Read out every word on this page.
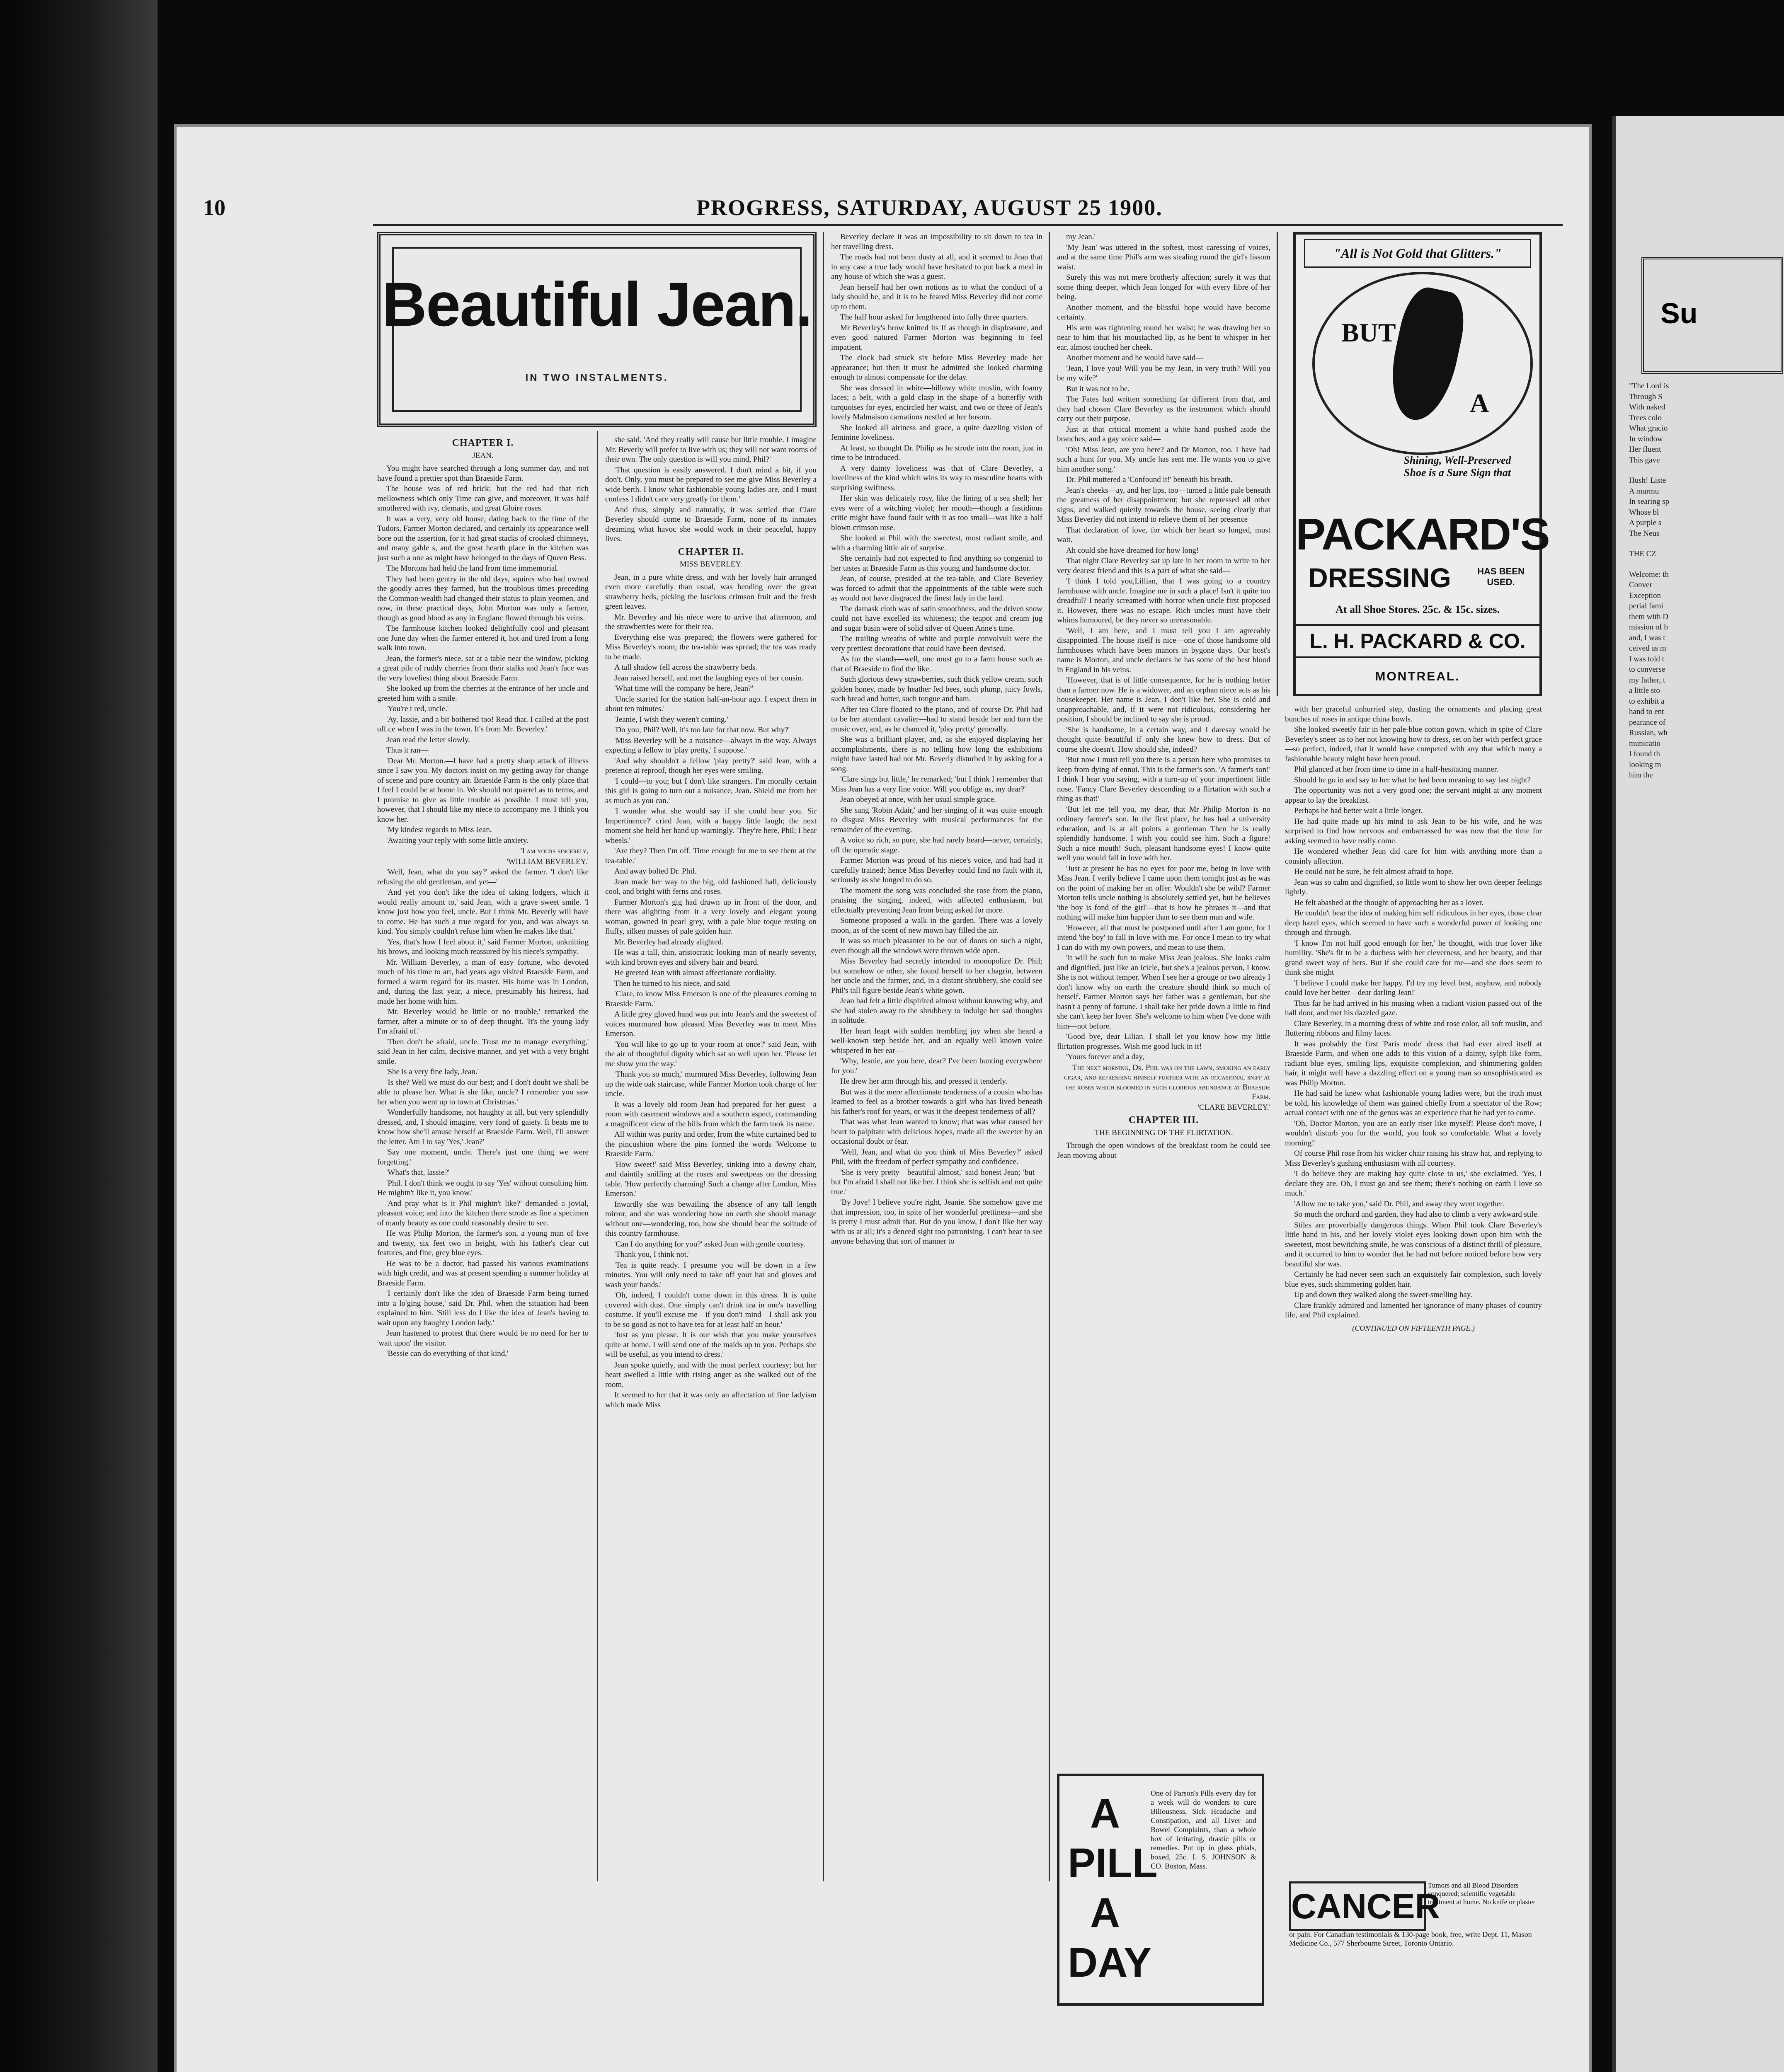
10	PROGRESS, SATURDAY, AUGUST 25 1900.
Beautiful Jean.
IN TWO INSTALMENTS.

CHAPTER I.

JEAN.

You might have searched through a long summer day, and not have found a prettier spot than Braeside Farm.

The house was of red brick; but the red had that rich mellowness which only Time can give, and moreover, it was half smothered with ivy, clematis, and great Gloire roses.

It was a very, very old house, dating back to the time of the Tudors, Farmer Morton declared, and certainly its appearance well bore out the assertion, for it had great stacks of crooked chimneys, and many gable s, and the great hearth place in the kitchen was just such a one as might have belonged to the days of Queen Bess.

The Mortons had held the land from time immemorial.

They had been gentry in the old days, squires who had owned the goodly acres they farmed, but the troublous times preceding the Common-wealth had changed their status to plain yeomen, and now, in these practical days, John Morton was only a farmer, though as good blood as any in Englanc flowed through his veins.

The farmhouse kitchen looked delightfully cool and pleasant one June day when the farmer entered it, hot and tired from a long walk into town.

Jean, the farmer's niece, sat at a table near the window, picking a great pile of ruddy cherries from their stalks and Jean's face was the very loveliest thing about Braeside Farm.

She looked up from the cherries at the entrance of her uncle and greeted him with a smile.

'You're t red, uncle.'

'Ay, lassie, and a bit bothered too! Read that. I called at the post off.ce when I was in the town. It's from Mr. Beverley.'

Jean read the letter slowly.

Thus it ran—

'Dear Mr. Morton.—I have had a pretty sharp attack of illness since I saw you. My doctors insist on my getting away for change of scene and pure country air. Braeside Farm is the only place that I feel I could be at home in. We should not quarrel as to terms, and I promise to give as little trouble as possible. I must tell you, however, that I should like my niece to accompany me. I think you know her.

'My kindest regards to Miss Jean.

'Awaiting your reply with some little anxiety.

'I am yours sincerely,

'WILLIAM BEVERLEY.'

'Well, Jean, what do you say?' asked the farmer. 'I don't like refusing the old gentleman, and yet—'

'And yet you don't like the idea of taking lodgers, which it would really amount to,' said Jean, with a grave sweet smile. 'I know just how you feel, uncle. But I think Mr. Beverly will have to come. He has such a true regard for you, and was always so kind. You simply couldn't refuse him when he makes like that.'

'Yes, that's how I feel about it,' said Farmer Morton, unknitting his brows, and looking much reassured by his niece's sympathy.

Mr. William Beverley, a man of easy fortune, who devoted much of his time to art, had years ago visited Braeside Farm, and formed a warm regard for its master. His home was in London, and, during the last year, a niece, presumably his heiress, had made her home with him.

'Mr. Beverley would be little or no trouble,' remarked the farmer, after a minute or so of deep thought. 'It's the young lady I'm afraid of.'

'Then don't be afraid, uncle. Trust me to manage everything,' said Jean in her calm, decisive manner, and yet with a very bright smile.

'She is a very fine lady, Jean.'

'Is she? Well we must do our best; and I don't doubt we shall be able to please her. What is she like, uncle? I remember you saw her when you went up to town at Christmas.'

'Wonderfully handsome, not haughty at all, but very splendidly dressed, and, I should imagine, very fond of gaiety. It beats me to know how she'll amuse herself at Braeside Farm. Well, I'll answer the letter. Am I to say 'Yes,' Jean?'

'Say one moment, uncle. There's just one thing we were forgetting.'

'What's that, lassie?'

'Phil. I don't think we ought to say 'Yes' without consulting him. He mightn't like it, you know.'

'And pray what is it Phil mightn't like?' demanded a jovial, pleasant voice; and into the kitchen there strode as fine a specimen of manly beauty as one could reasonably desire to see.

He was Philip Morton, the farmer's son, a young man of five and twenty, six feet two in height, with his father's clear cut features, and fine, grey blue eyes.

He was to be a doctor, had passed his various examinations with high credit, and was at present spending a summer holiday at Braeside Farm.

'I certainly don't like the idea of Braeside Farm being turned into a lo'ging house,' said Dr. Phil. when the situation had been explained to him. 'Still less do I like the idea of Jean's having to wait upon any haughty London lady.'

Jean hastened to protest that there would be no need for her to 'wait upon' the visitor.

'Bessie can do everything of that kind,'

she said. 'And they really will cause but little trouble. I imagine Mr. Beverly will prefer to live with us; they will not want rooms of their own. The only question is will you mind, Phil?'

'That question is easily answered. I don't mind a bit, if you don't. Only, you must be prepared to see me give Miss Beverley a wide berth. I know what fashionable young ladies are, and I must confess I didn't care very greatly for them.'

And thus, simply and naturally, it was settled that Clare Beverley should come to Braeside Farm, none of its inmates dreaming what havoc she would work in their peaceful, happy lives.

CHAPTER II.

MISS BEVERLEY.

Jean, in a pure white dress, and with her lovely hair arranged even more carefully than usual, was bending over the great strawberry beds, picking the luscious crimson fruit and the fresh green leaves.

Mr. Beverley and his niece were to arrive that afternoon, and the strawberries were for their tea.

Everything else was prepared; the flowers were gathered for Miss Beverley's room; the tea-table was spread; the tea was ready to be made.

A tall shadow fell across the strawberry beds.

Jean raised herself, and met the laughing eyes of her cousin.

'What time will the company be here, Jean?'

'Uncle started for the station half-an-hour ago. I expect them in about ten minutes.'

'Jeanie, I wish they weren't coming.'

'Do you, Phil? Well, it's too late for that now. But why?'

'Miss Beverley will be a nuisance—always in the way. Always expecting a fellow to 'play pretty,' I suppose.'

'And why shouldn't a fellow 'play pretty?' said Jean, with a pretence at reproof, though her eyes were smiling.

'I could—to you; but I don't like strangers. I'm morally certain this girl is going to turn out a nuisance, Jean. Shield me from her as much as you can.'

'I wonder what she would say if she could hear you. Sir Impertinence?' cried Jean, with a happy little laugh; the next moment she held her hand up warningly. 'They're here, Phil; I hear wheels.'

'Are they? Then I'm off. Time enough for me to see them at the tea-table.'

And away bolted Dr. Phil.

Jean made her way to the big, old fashioned hall, deliciously cool, and bright with ferns and roses.

Farmer Morton's gig had drawn up in front of the door, and there was alighting from it a very lovely and elegant young woman, gowned in pearl grey, with a pale blue toque resting on fluffy, silken masses of pale golden hair.

Mr. Beverley had already alighted.

He was a tall, thin, aristocratic looking man of nearly seventy, with kind brown eyes and silvery hair and beard.

He greeted Jean with almost affectionate cordiality.

Then he turned to his niece, and said—

'Clare, to know Miss Emerson is one of the pleasures coming to Braeside Farm.'

A little grey gloved hand was put into Jean's and the sweetest of voices murmured how pleased Miss Beverley was to meet Miss Emerson.

'You will like to go up to your room at once?' said Jean, with the air of thoughtful dignity which sat so well upon her. 'Please let me show you the way.'

'Thank you so much,' murmured Miss Beverley, following Jean up the wide oak staircase, while Farmer Morton took charge of her uncle.

It was a lovely old room Jean had prepared for her guest—a room with casement windows and a southern aspect, commanding a magnificent view of the hills from which the farm took its name.

All within was purity and order, from the white curtained bed to the pincushion where the pins formed the words 'Welcome to Braeside Farm.'

'How sweet!' said Miss Beverley, sinking into a downy chair, and daintily sniffing at the roses and sweetpeas on the dressing table. 'How perfectly charming! Such a change after London, Miss Emerson.'

Inwardly she was bewailing the absence of any tall length mirror, and she was wondering how on earth she should manage without one—wondering, too, how she should bear the solitude of this country farmhouse.

'Can I do anything for you?' asked Jean with gentle courtesy.

'Thank you, I think not.'

'Tea is quite ready. I presume you will be down in a few minutes. You will only need to take off your hat and gloves and wash your hands.'

'Oh, indeed, I couldn't come down in this dress. It is quite covered with dust. One simply can't drink tea in one's travelling costume. If you'll excuse me—if you don't mind—I shall ask you to be so good as not to have tea for at least half an hour.'

'Just as you please. It is our wish that you make yourselves quite at home. I will send one of the maids up to you. Perhaps she will be useful, as you intend to dress.'

Jean spoke quietly, and with the most perfect courtesy; but her heart swelled a little with rising anger as she walked out of the room.

It seemed to her that it was only an affectation of fine ladyism which made Miss

Beverley declare it was an impossibility to sit down to tea in her travelling dress.

The roads had not been dusty at all, and it seemed to Jean that in any case a true lady would have hesitated to put back a meal in any house of which she was a guest.

Jean herself had her own notions as to what the conduct of a lady should be, and it is to be feared Miss Beverley did not come up to them.

The half hour asked for lengthened into fully three quarters.

Mr Beverley's brow knitted its If as though in displeasure, and even good natured Farmer Morton was beginning to feel impatient.

The clock had struck six before Miss Beverley made her appearance; but then it must be admitted she looked charming enough to almost compensate for the delay.

She was dressed in white—billowy white muslin, with foamy laces; a belt, with a gold clasp in the shape of a butterfly with turquoises for eyes, encircled her waist, and two or three of Jean's lovely Malmaison carnations nestled at her bosom.

She looked all airiness and grace, a quite dazzling vision of feminine loveliness.

At least, so thought Dr. Philip as he strode into the room, just in time to be introduced.

A very dainty loveliness was that of Clare Beverley, a loveliness of the kind which wins its way to masculine hearts with surprising swiftness.

Her skin was delicately rosy, like the lining of a sea shell; her eyes were of a witching violet; her mouth—though a fastidious critic might have found fault with it as too small—was like a half blown crimson rose.

She looked at Phil with the sweetest, most radiant smile, and with a charming little air of surprise.

She certainly had not expected to find anything so congenial to her tastes at Braeside Farm as this young and handsome doctor.

Jean, of course, presided at the tea-table, and Clare Beverley was forced to admit that the appointments of the table were such as would not have disgraced the finest lady in the land.

The damask cloth was of satin smoothness, and the driven snow could not have excelled its whiteness; the teapot and cream jug and sugar basin were of solid silver of Queen Anne's time.

The trailing wreaths of white and purple convolvuli were the very prettiest decorations that could have been devised.

As for the viands—well, one must go to a farm house such as that of Braeside to find the like.

Such glorious dewy strawberries, such thick yellow cream, such golden honey, made by heather fed bees, such plump, juicy fowls, such bread and butter, such tongue and ham.

After tea Clare floated to the piano, and of course Dr. Phil had to be her attendant cavalier—had to stand beside her and turn the music over, and, as he chanced it, 'play pretty' generally.

She was a brilliant player, and, as she enjoyed displaying her accomplishments, there is no telling how long the exhibitions might have lasted had not Mr. Beverly disturbed it by asking for a song.

'Clare sings but little,' he remarked; 'but I think I remember that Miss Jean has a very fine voice. Will you oblige us, my dear?'

Jean obeyed at once, with her usual simple grace.

She sang 'Robin Adair,' and her singing of it was quite enough to disgust Miss Beverley with musical performances for the remainder of the evening.

A voice so rich, so pure, she had rarely heard—never, certainly, off the operatic stage.

Farmer Morton was proud of his niece's voice, and had had it carefully trained; hence Miss Beverley could find no fault with it, seriously as she longed to do so.

The moment the song was concluded she rose from the piano, praising the singing, indeed, with affected enthusiasm, but effectually preventing Jean from being asked for more.

Someone proposed a walk in the garden. There was a lovely moon, as of the scent of new mown hay filled the air.

It was so much pleasanter to be out of doors on such a night, even though all the windows were thrown wide open.

Miss Beverley had secretly intended to monopolize Dr. Phil; but somehow or other, she found herself to her chagrin, between her uncle and the farmer, and, in a distant shrubbery, she could see Phil's tall figure beside Jean's white gown.

Jean had felt a little dispirited almost without knowing why, and she had stolen away to the shrubbery to indulge her sad thoughts in solitude.

Her heart leapt with sudden trembling joy when she heard a well-known step beside her, and an equally well known voice whispered in her ear—

'Why, Jeanie, are you here, dear? I've been hunting everywhere for you.'

He drew her arm through his, and pressed it tenderly.

But was it the mere affectionate tenderness of a cousin who has learned to feel as a brother towards a girl who has lived beneath his father's roof for years, or was it the deepest tenderness of all?

That was what Jean wanted to know; that was what caused her heart to palpitate with delicious hopes, made all the sweeter by an occasional doubt or fear.

'Well, Jean, and what do you think of Miss Beverley?' asked Phil, with the freedom of perfect sympathy and confidence.

'She is very pretty—beautiful almost,' said honest Jean; 'but—but I'm afraid I shall not like her. I think she is selfish and not quite true.'

'By Jove! I believe you're right, Jeanie. She somehow gave me that impression, too, in spite of her wonderful prettiness—and she is pretty I must admit that. But do you know, I don't like her way with us at all; it's a denced sight too patronising. I can't bear to see anyone behaving that sort of manner to

my Jean.'

'My Jean' was uttered in the softest, most caressing of voices, and at the same time Phil's arm was stealing round the girl's lissom waist.

Surely this was not mere brotherly affection; surely it was that some thing deeper, which Jean longed for with every fibre of her being.

Another moment, and the blissful hope would have become certainty.

His arm was tightening round her waist; he was drawing her so near to him that his moustached lip, as he bent to whisper in her ear, almost touched her cheek.

Another moment and he would have said—

'Jean, I love you! Will you be my Jean, in very truth? Will you be my wife?'

But it was not to be.

The Fates had written something far different from that, and they had chosen Clare Beverley as the instrument which should carry out their purpose.

Just at that critical moment a white hand pushed aside the branches, and a gay voice said—

'Oh! Miss Jean, are you here? and Dr Morton, too. I have had such a hunt for you. My uncle has sent me. He wants you to give him another song.'

Dr. Phil muttered a 'Confound it!' beneath his breath.

Jean's cheeks—ay, and her lips, too—turned a little pale beneath the greatness of her disappointment; but she repressed all other signs, and walked quietly towards the house, seeing clearly that Miss Beverley did not intend to relieve them of her presence

That declaration of love, for which her heart so longed, must wait.

Ah could she have dreamed for how long!

That night Clare Beverley sat up late in her room to write to her very dearest friend and this is a part of what she said—

'I think I told you,Lillian, that I was going to a country farmhouse with uncle. Imagine me in such a place! Isn't it quite too dreadful? I nearly screamed with horror when uncle first proposed it. However, there was no escape. Rich uncles must have their whims humoured, be they never so unreasonable.

'Well, I am here, and I must tell you I am agreeably disappointed. The house itself is nice—one of those handsome old farmhouses which have been manors in bygone days. Our host's name is Morton, and uncle declares he has some of the best blood in England in his veins.

'However, that is of little consequence, for he is nothing better than a farmer now. He is a widower, and an orphan niece acts as his housekeeper. Her name is Jean. I don't like her. She is cold and unapproachable, and, if it were not ridiculous, considering her position, I should be inclined to say she is proud.

'She is handsome, in a certain way, and I daresay would be thought quite beautiful if only she knew how to dress. But of course she doesn't. How should she, indeed?

'But now I must tell you there is a person here who promises to keep from dying of ennui. This is the farmer's son. 'A farmer's son!' I think I hear you saying, with a turn-up of your impertinent little nose. 'Fancy Clare Beverley descending to a flirtation with such a thing as that!'

'But let me tell you, my dear, that Mr Philip Morton is no ordinary farmer's son. In the first place, he has had a university education, and is at all points a gentleman Then he is really splendidly handsome. I wish you could see him. Such a figure! Such a nice mouth! Such, pleasant handsome eyes! I know quite well you would fall in love with her.

'Just at present he has no eyes for poor me, being in love with Miss Jean. I verily believe I came upon them tonight just as he was on the point of making her an offer. Wouldn't she be wild? Farmer Morton tells uncle nothing is absolutely settled yet, but he believes 'the boy is fond of the girl'—that is how he phrases it—and that nothing will make him happier than to see them man and wife.

'However, all that must be postponed until after I am gone, for I intend 'the boy' to fall in love with me. For once I mean to try what I can do with my own powers, and mean to use them.

'It will be such fun to make Miss Jean jealous. She looks calm and dignified, just like an icicle, but she's a jealous person, I know. She is not without temper. When I see her a grouge or two already I don't know why on earth the creature should think so much of herself. Farmer Morton says her father was a gentleman, but she hasn't a penny of fortune. I shall take her pride down a little to find she can't keep her lover. She's welcome to him when I've done with him—not before.

'Good bye, dear Lilian. I shall let you know how my little flirtation progresses. Wish me good luck in it!

'Yours forever and a day,

The next morning, Dr. Phil was on the lawn, smoking an early cigar, and refreshing himself further with an occasional sniff at the roses which bloomed in such glorious abundance at Braeside Farm.

'CLARE BEVERLEY.'

CHAPTER III.

THE BEGINNING OF THE FLIRTATION.

Through the open windows of the breakfast room he could see Jean moving about

with her graceful unhurried step, dusting the ornaments and placing great bunches of roses in antique china bowls.

She looked sweetly fair in her pale-blue cotton gown, which in spite of Clare Beverley's sneer as to her not knowing how to dress, set on her with perfect grace—so perfect, indeed, that it would have competed with any that which many a fashionable beauty might have been proud.

Phil glanced at her from time to time in a half-hesitating manner.

Should he go in and say to her what he had been meaning to say last night?

The opportunity was not a very good one; the servant might at any moment appear to lay the breakfast.

Perhaps he had better wait a little longer.

He had quite made up his mind to ask Jean to be his wife, and he was surprised to find how nervous and embarrassed he was now that the time for asking seemed to have really come.

He wondered whether Jean did care for him with anything more than a cousinly affection.

He could not be sure, he felt almost afraid to hope.

Jean was so calm and dignified, so little wont to show her own deeper feelings lightly.

He felt abashed at the thought of approaching her as a lover.

He couldn't bear the idea of making him self ridiculous in her eyes, those clear deep hazel eyes, which seemed to have such a wonderful power of looking one through and through.

'I know I'm not half good enough for her,' he thought, with true lover like humility. 'She's fit to be a duchess with her cleverness, and her beauty, and that grand sweet way of hers. But if she could care for me—and she does seem to think she might

'I believe I could make her happy. I'd try my level best, anyhow, and nobody could love her better—dear darling Jean!'

Thus far he had arrived in his musing when a radiant vision passed out of the hall door, and met his dazzled gaze.

Clare Beverley, in a morning dress of white and rose color, all soft muslin, and fluttering ribbons and filmy laces.

It was probably the first 'Paris mode' dress that had ever aired itself at Braeside Farm, and when one adds to this vision of a dainty, sylph like form, radiant blue eyes, smiling lips, exquisite complexion, and shimmering golden hair, it might well have a dazzling effect on a young man so unsophisticated as was Philip Morton.

He had said he knew what fashionable young ladies were, but the truth must be told, his knowledge of them was gained chiefly from a spectator of the Row; actual contact with one of the genus was an experience that he had yet to come.

'Oh, Doctor Morton, you are an early riser like myself! Please don't move, I wouldn't disturb you for the world, you look so comfortable. What a lovely morning!'

Of course Phil rose from his wicker chair raising his straw hat, and replying to Miss Beverley's gushing enthusiasm with all courtesy.

'I do believe they are making hay quite close to us,' she exclaimed. 'Yes, I declare they are. Oh, I must go and see them; there's nothing on earth I love so much.'

'Allow me to take you,' said Dr. Phil, and away they went together.

So much the orchard and garden, they had also to climb a very awkward stile.

Stiles are proverbially dangerous things. When Phil took Clare Beverley's little hand in his, and her lovely violet eyes looking down upon him with the sweetest, most bewitching smile, he was conscious of a distinct thrill of pleasure, and it occurred to him to wonder that he had not before noticed before how very beautiful she was.

Certainly he had never seen such an exquisitely fair complexion, such lovely blue eyes, such shimmering golden hair.

Up and down they walked along the sweet-smelling hay.

Clare frankly admired and lamented her ignorance of many phases of country life, and Phil explained.

(CONTINUED ON FIFTEENTH PAGE.)

"All is Not Gold that Glitters."
BUT
A
Shining, Well-Preserved Shoe is a Sure Sign that
PACKARD'S
DRESSING	HAS BEEN USED.
At all Shoe Stores. 25c. & 15c. sizes.
L. H. PACKARD & CO.
MONTREAL.
A PILL A DAY
One of Parson's Pills every day for a week will do wonders to cure Biliousness, Sick Headache and Constipation, and all Liver and Bowel Complaints, than a whole box of irritating, drastic pills or remedies. Put up in glass phials, boxed, 25c. I. S. JOHNSON & CO. Boston, Mass.
CANCER
Tumors and all Blood Disorders conquered; scientific vegetable treatment at home. No knife or plaster
or pain. For Canadian testimonials & 130-page book, free, write Dept. 11, Mason Medicine Co., 577 Sherbourne Street, Toronto Ontario.
Su

"The Lord is

Through S

With naked

Trees colo

What gracio

In window

Her fluent

This gave

Hush! Liste

A murmu

In searing sp

Whose bl

A purple s

The Neus

THE CZ

Welcome: th

Conver

Exception

perial fami

them with D

mission of b

and, I was t

ceived as m

I was told t

to converse

my father, t

a little sto

to exhibit a

hand to ent

pearance of

Russian, wh

municatio

I found th

looking m

him the
